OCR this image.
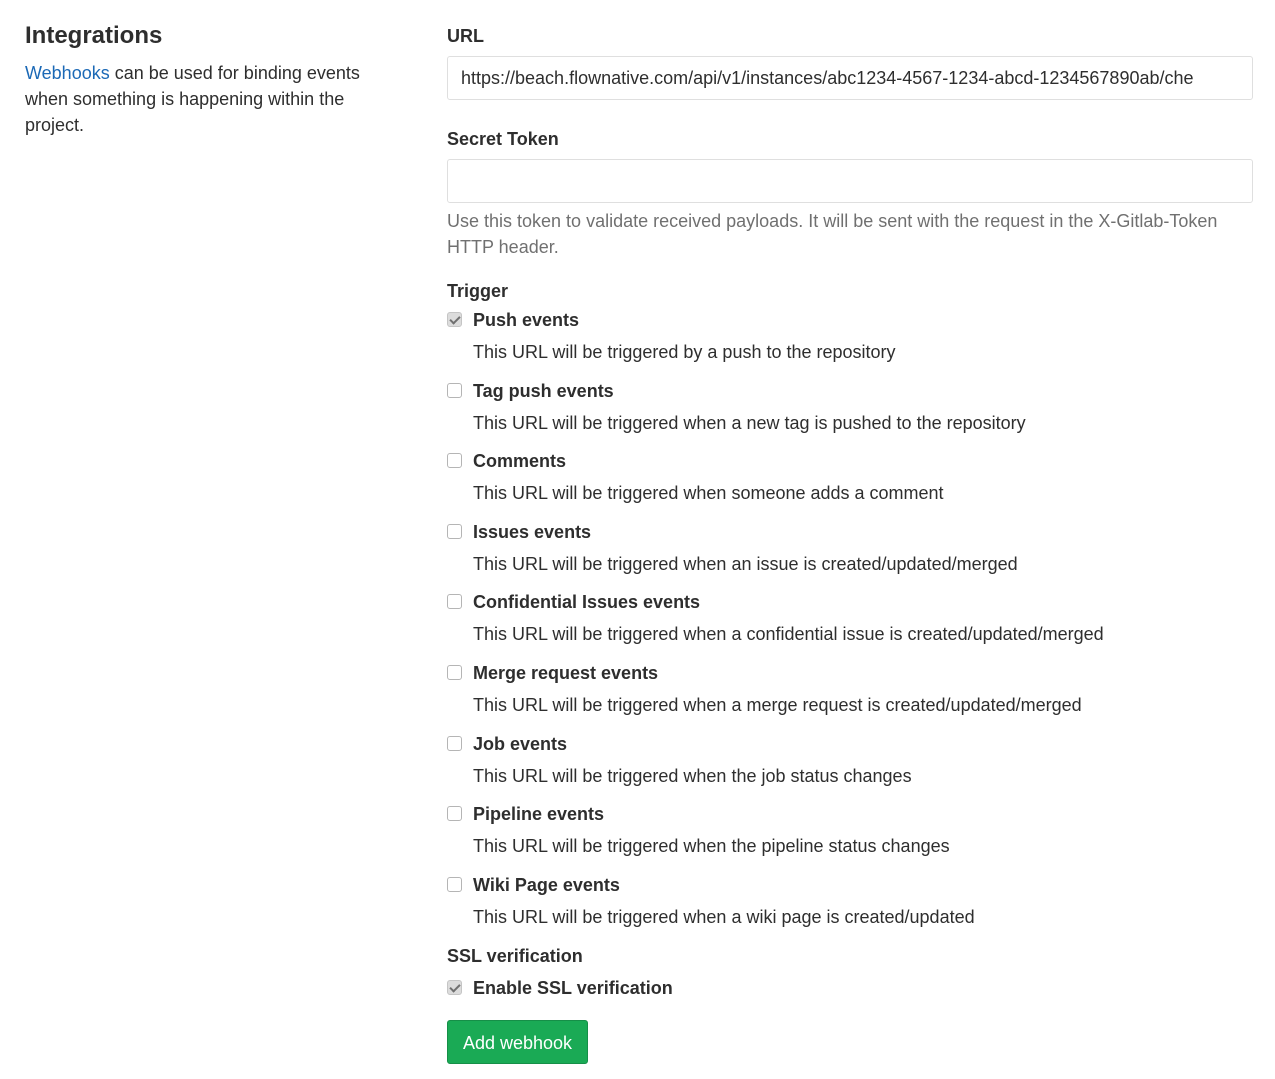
Integrations

Webhooks can be used for binding events when something is happening within the project.

URL
https://beach.flownative.com/api/v1/instances/abc1234-4567-1234-abcd-1234567890ab/che
Secret Token
Use this token to validate received payloads. It will be sent with the request in the X-Gitlab-Token HTTP header.
Trigger
Push events
This URL will be triggered by a push to the repository
Tag push events
This URL will be triggered when a new tag is pushed to the repository
Comments
This URL will be triggered when someone adds a comment
Issues events
This URL will be triggered when an issue is created/updated/merged
Confidential Issues events
This URL will be triggered when a confidential issue is created/updated/merged
Merge request events
This URL will be triggered when a merge request is created/updated/merged
Job events
This URL will be triggered when the job status changes
Pipeline events
This URL will be triggered when the pipeline status changes
Wiki Page events
This URL will be triggered when a wiki page is created/updated
SSL verification
Enable SSL verification
Add webhook
